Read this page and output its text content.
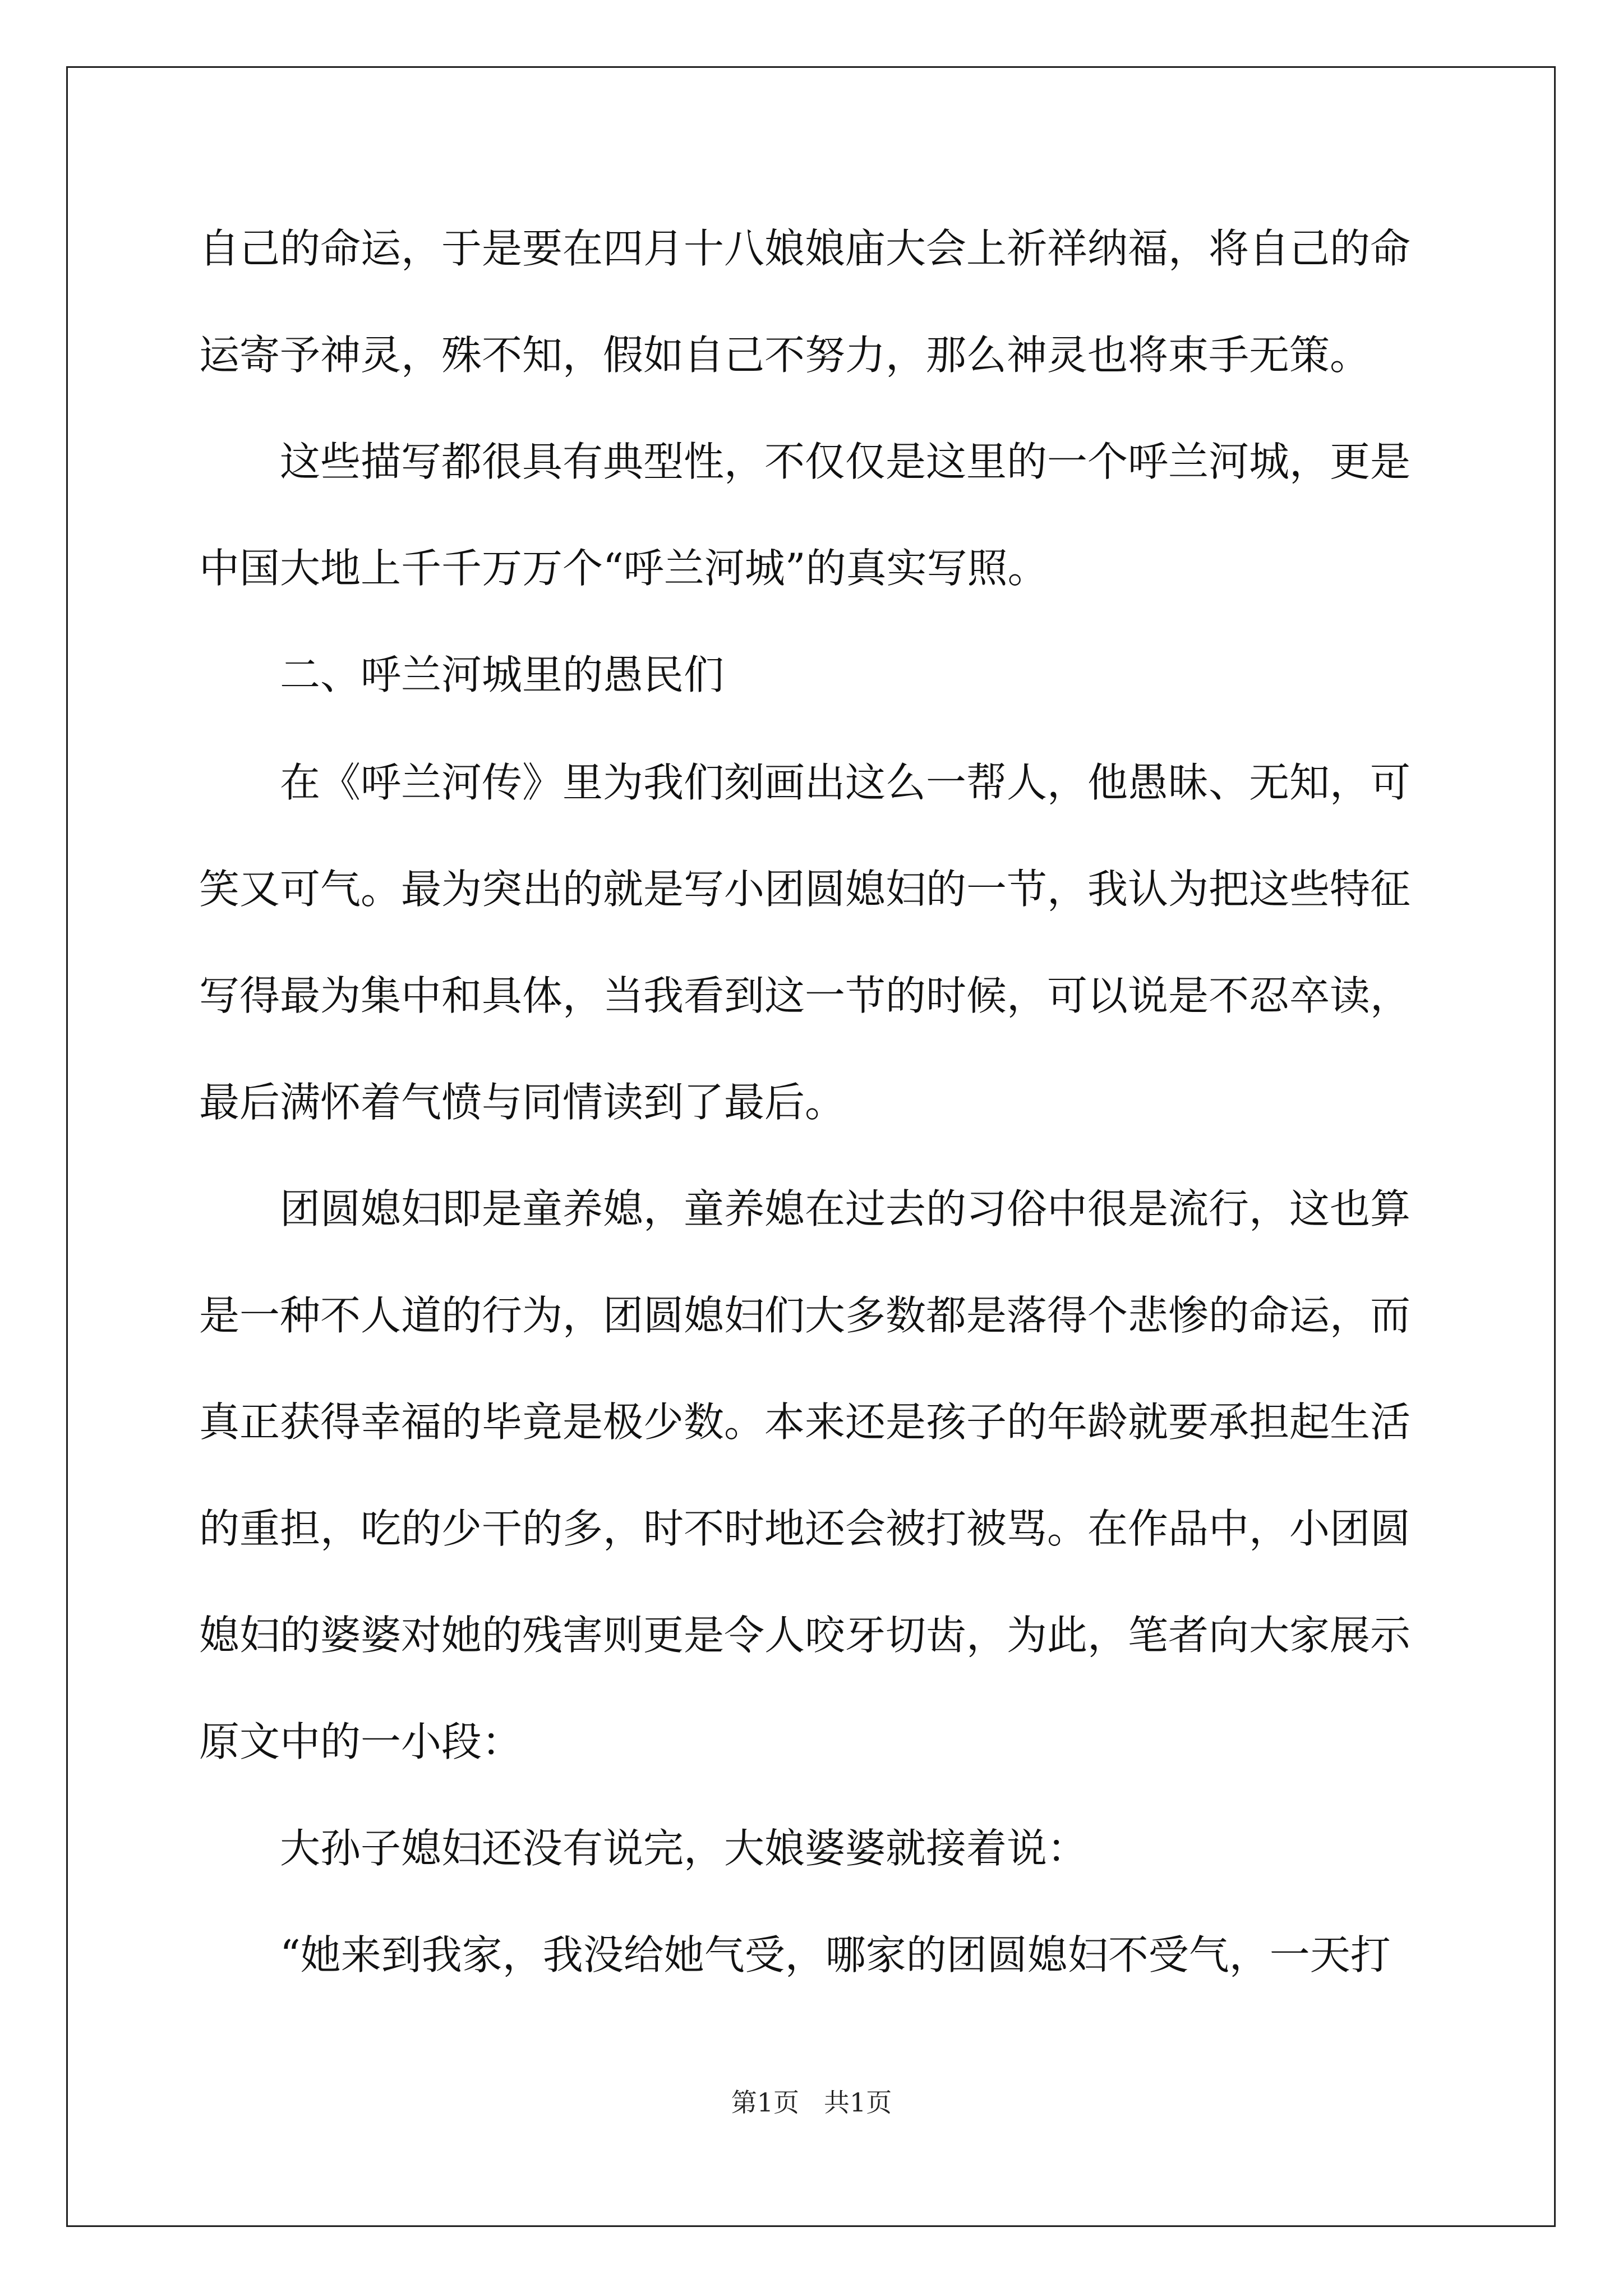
自己的命运，于是要在四月十八娘娘庙大会上祈祥纳福，将自己的命
运寄予神灵，殊不知，假如自己不努力，那么神灵也将束手无策。
　　这些描写都很具有典型性，不仅仅是这里的一个呼兰河城，更是
中国大地上千千万万个“呼兰河城”的真实写照。
　　二、呼兰河城里的愚民们
　　在《呼兰河传》里为我们刻画出这么一帮人，他愚昧、无知，可
笑又可气。最为突出的就是写小团圆媳妇的一节，我认为把这些特征
写得最为集中和具体，当我看到这一节的时候，可以说是不忍卒读，
最后满怀着气愤与同情读到了最后。
　　团圆媳妇即是童养媳，童养媳在过去的习俗中很是流行，这也算
是一种不人道的行为，团圆媳妇们大多数都是落得个悲惨的命运，而
真正获得幸福的毕竟是极少数。本来还是孩子的年龄就要承担起生活
的重担，吃的少干的多，时不时地还会被打被骂。在作品中，小团圆
媳妇的婆婆对她的残害则更是令人咬牙切齿，为此，笔者向大家展示
原文中的一小段：
　　大孙子媳妇还没有说完，大娘婆婆就接着说：
　　“她来到我家，我没给她气受，哪家的团圆媳妇不受气，一天打
第1页 共1页
